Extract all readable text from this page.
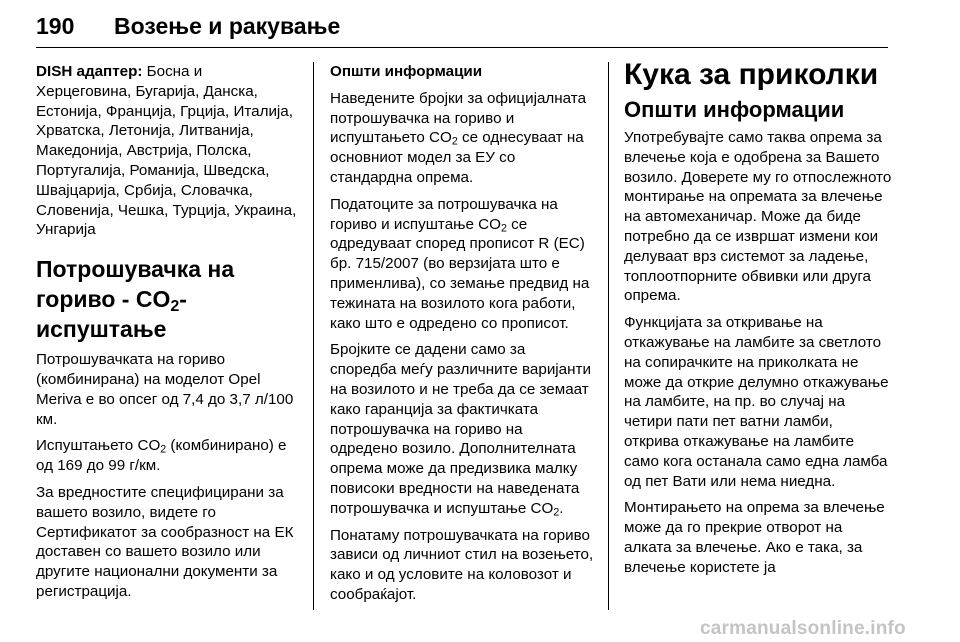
190 Возење и ракување

DISH адаптер: Босна и Херцеговина, Бугарија, Данска, Естонија, Франција, Грција, Италија, Хрватска, Летонија, Литванија, Македонија, Австрија, Полска, Португалија, Романија, Шведска, Швајцарија, Србија, Словачка, Словенија, Чешка, Турција, Украина, Унгарија

Потрошувачка на гориво - $CO_2$-испуштање

Потрошувачката на гориво (комбинирана) на моделот Opel Meriva е во опсег од 7,4 до 3,7 л/100 км.

Испуштањето $CO_2$ (комбинирано) е од 169 до 99 г/км.

За вредностите специфицирани за вашето возило, видете го Сертификатот за сообразност на ЕК доставен со вашето возило или другите национални документи за регистрација.

Општи информации

Наведените бројки за официјалната потрошувачка на гориво и испуштањето $CO_2$ се однесуваат на основниот модел за ЕУ со стандардна опрема.

Податоците за потрошувачка на гориво и испуштање $CO_2$ се одредуваат според прописот R (ЕС) бр. 715/2007 (во верзијата што е применлива), со земање предвид на тежината на возилото кога работи, како што е одредено со прописот.

Бројките се дадени само за споредба меѓу различните варијанти на возилото и не треба да се земаат како гаранција за фактичката потрошувачка на гориво на одредено возило. Дополнителната опрема може да предизвика малку повисоки вредности на наведената потрошувачка и испуштање $CO_2$.

Понатаму потрошувачката на гориво зависи од личниот стил на возењето, како и од условите на коловозот и сообраќајот.

Кука за приколки
Општи информации

Употребувајте само таква опрема за влечење која е одобрена за Вашето возило. Доверете му го отпослежното монтирање на опремата за влечење на автомеханичар. Може да биде потребно да се извршат измени кои делуваат врз системот за ладење, топлоотпорните обвивки или друга опрема.

Функцијата за откривање на откажување на ламбите за светлото на сопирачките на приколката не може да открие делумно откажување на ламбите, на пр. во случај на четири пати пет ватни ламби, открива откажување на ламбите само кога останала само една ламба од пет Вати или нема ниедна.

Монтирањето на опрема за влечење може да го прекрие отворот на алката за влечење. Ако е така, за влечење користете ја

carmanualsonline.info
